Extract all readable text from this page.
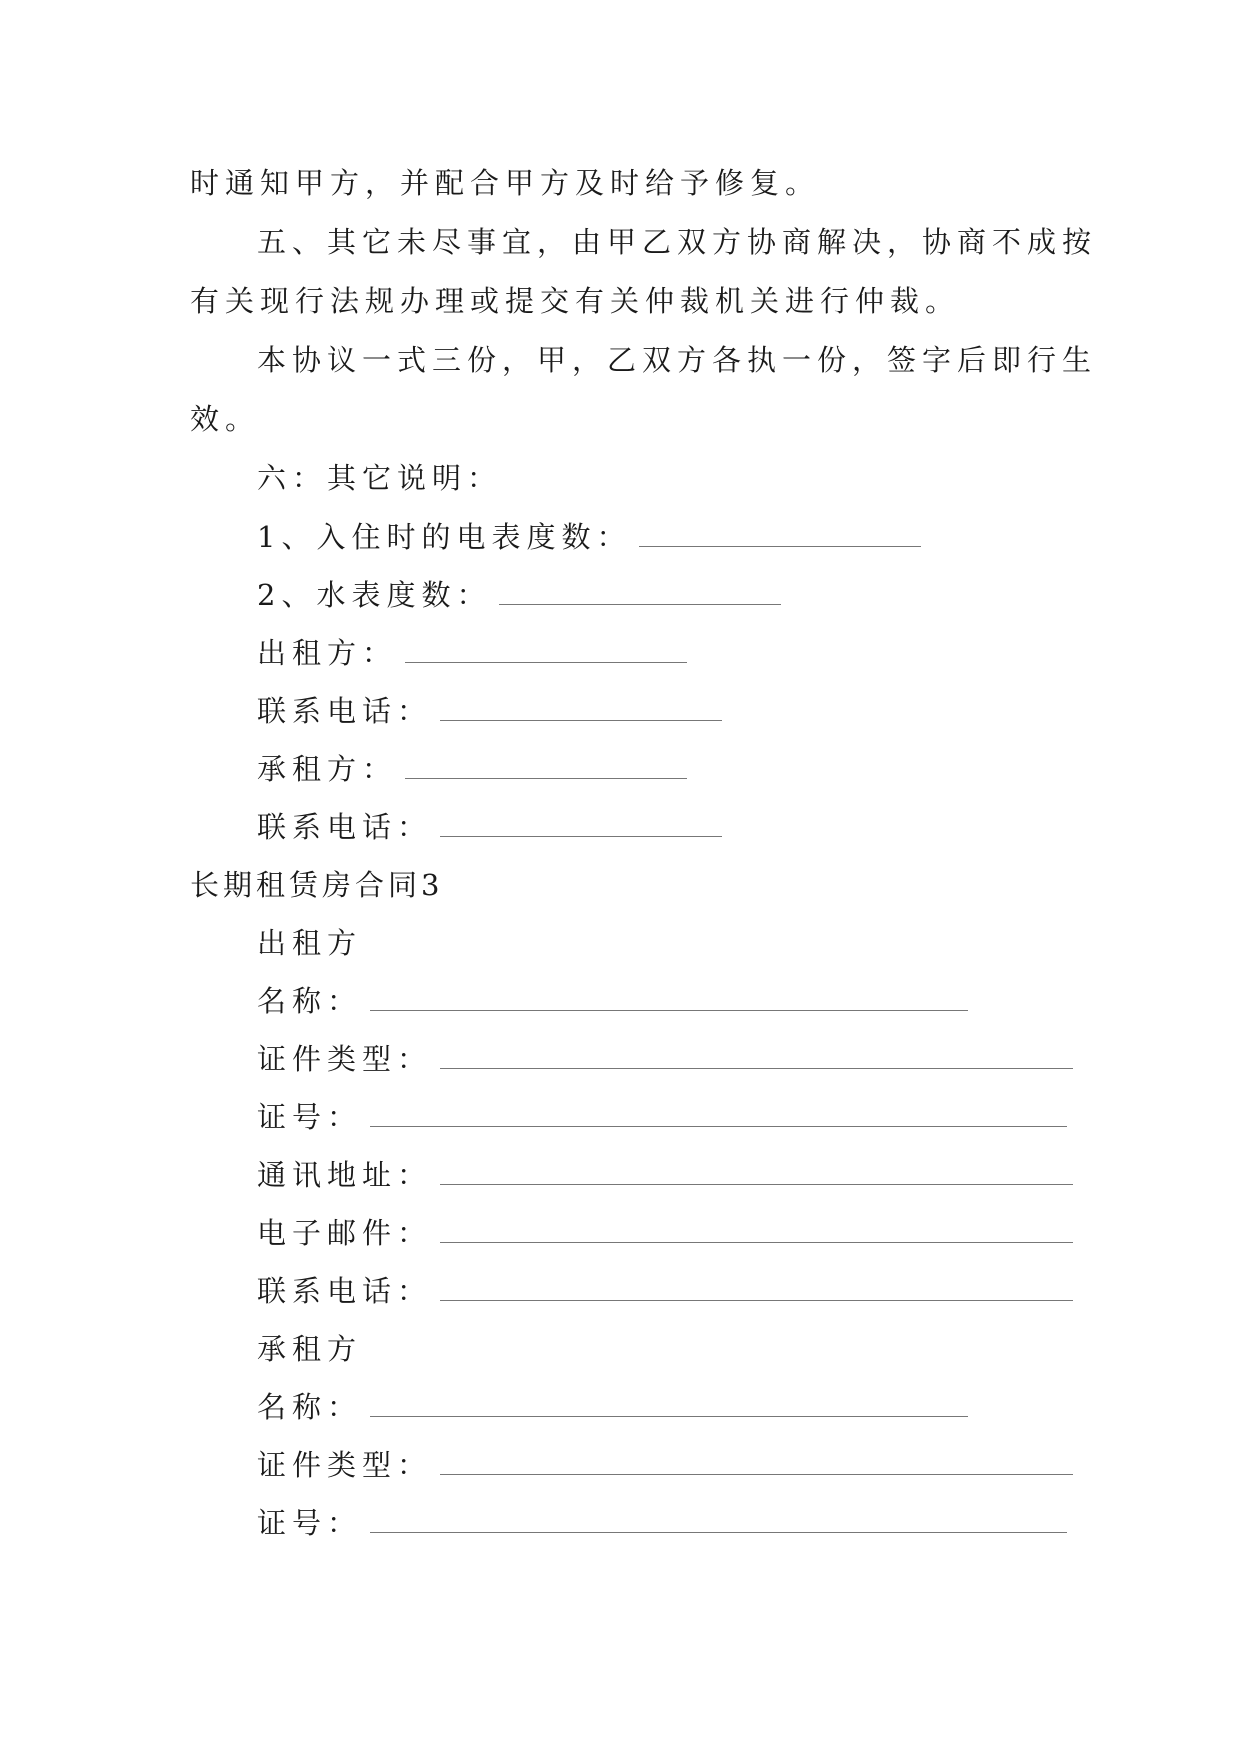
时通知甲方，并配合甲方及时给予修复。
五、其它未尽事宜，由甲乙双方协商解决，协商不成按
有关现行法规办理或提交有关仲裁机关进行仲裁。
本协议一式三份，甲，乙双方各执一份，签字后即行生
效。
六：其它说明：
1、入住时的电表度数：
2、水表度数：
出租方：
联系电话：
承租方：
联系电话：
长期租赁房合同3
出租方
名称：
证件类型：
证号：
通讯地址：
电子邮件：
联系电话：
承租方
名称：
证件类型：
证号：
